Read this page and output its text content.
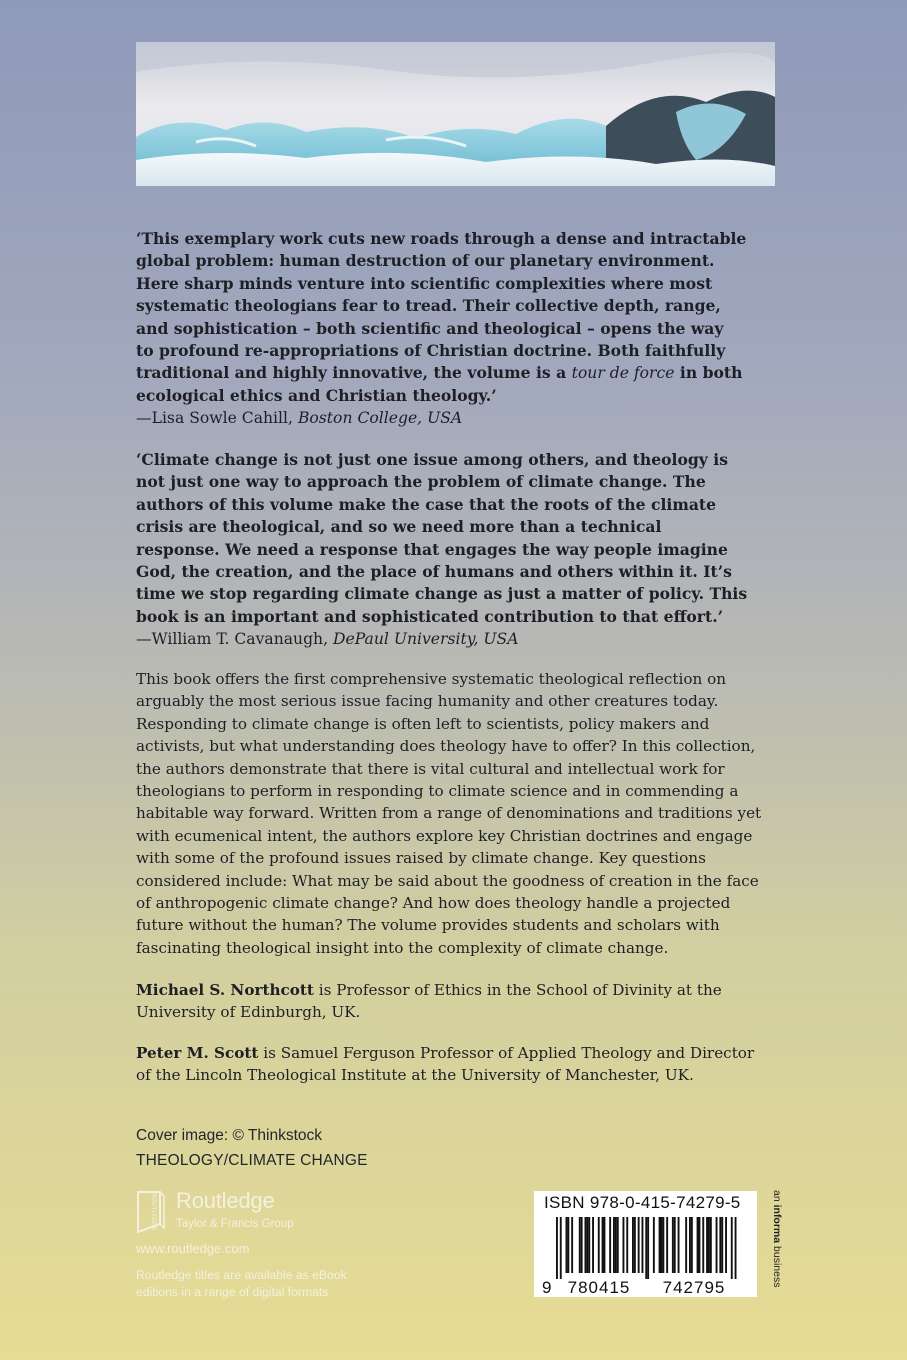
‘This exemplary work cuts new roads through a dense and intractable

global problem: human destruction of our planetary environment.

Here sharp minds venture into scientific complexities where most

systematic theologians fear to tread. Their collective depth, range,

and sophistication – both scientific and theological – opens the way

to profound re-appropriations of Christian doctrine. Both faithfully

traditional and highly innovative, the volume is a tour de force in both

ecological ethics and Christian theology.’

—Lisa Sowle Cahill, Boston College, USA

‘Climate change is not just one issue among others, and theology is

not just one way to approach the problem of climate change. The

authors of this volume make the case that the roots of the climate

crisis are theological, and so we need more than a technical

response. We need a response that engages the way people imagine

God, the creation, and the place of humans and others within it. It’s

time we stop regarding climate change as just a matter of policy. This

book is an important and sophisticated contribution to that effort.’

—William T. Cavanaugh, DePaul University, USA

This book offers the first comprehensive systematic theological reflection on

arguably the most serious issue facing humanity and other creatures today.

Responding to climate change is often left to scientists, policy makers and

activists, but what understanding does theology have to offer? In this collection,

the authors demonstrate that there is vital cultural and intellectual work for

theologians to perform in responding to climate science and in commending a

habitable way forward. Written from a range of denominations and traditions yet

with ecumenical intent, the authors explore key Christian doctrines and engage

with some of the profound issues raised by climate change. Key questions

considered include: What may be said about the goodness of creation in the face

of anthropogenic climate change? And how does theology handle a projected

future without the human? The volume provides students and scholars with

fascinating theological insight into the complexity of climate change.

Michael S. Northcott is Professor of Ethics in the School of Divinity at the

University of Edinburgh, UK.

Peter M. Scott is Samuel Ferguson Professor of Applied Theology and Director

of the Lincoln Theological Institute at the University of Manchester, UK.

Cover image: © Thinkstock
THEOLOGY/CLIMATE CHANGE
ROUTLEDGE Routledge
Taylor & Francis Group
www.routledge.com
Routledge titles are available as eBook
editions in a range of digital formats
ISBN 978-0-415-74279-5
9 780415 742795
an informa business
